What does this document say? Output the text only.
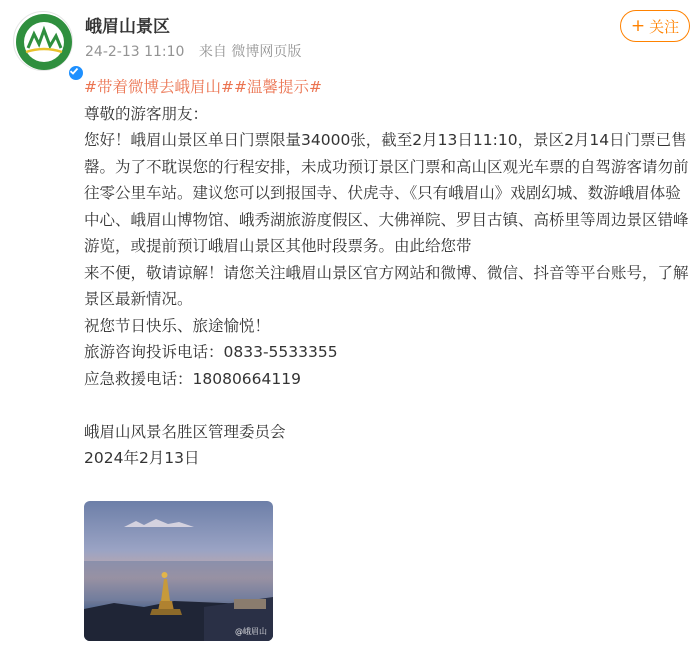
峨眉山景区
24-2-13 11:10 来自 微博网页版
+ 关注

#带着微博去峨眉山##温馨提示#

尊敬的游客朋友：

您好！峨眉山景区单日门票限量34000张，截至2月13日11:10，景区2月14日门票已售罄。为了不耽误您的行程安排，未成功预订景区门票和高山区观光车票的自驾游客请勿前往零公里车站。建议您可以到报国寺、伏虎寺、《只有峨眉山》戏剧幻城、数游峨眉体验中心、峨眉山博物馆、峨秀湖旅游度假区、大佛禅院、罗目古镇、高桥里等周边景区错峰游览，或提前预订峨眉山景区其他时段票务。由此给您带

来不便，敬请谅解！请您关注峨眉山景区官方网站和微博、微信、抖音等平台账号，了解景区最新情况。

祝您节日快乐、旅途愉悦！

旅游咨询投诉电话：0833-5533355

应急救援电话：18080664119

峨眉山风景名胜区管理委员会

2024年2月13日

@峨眉山
